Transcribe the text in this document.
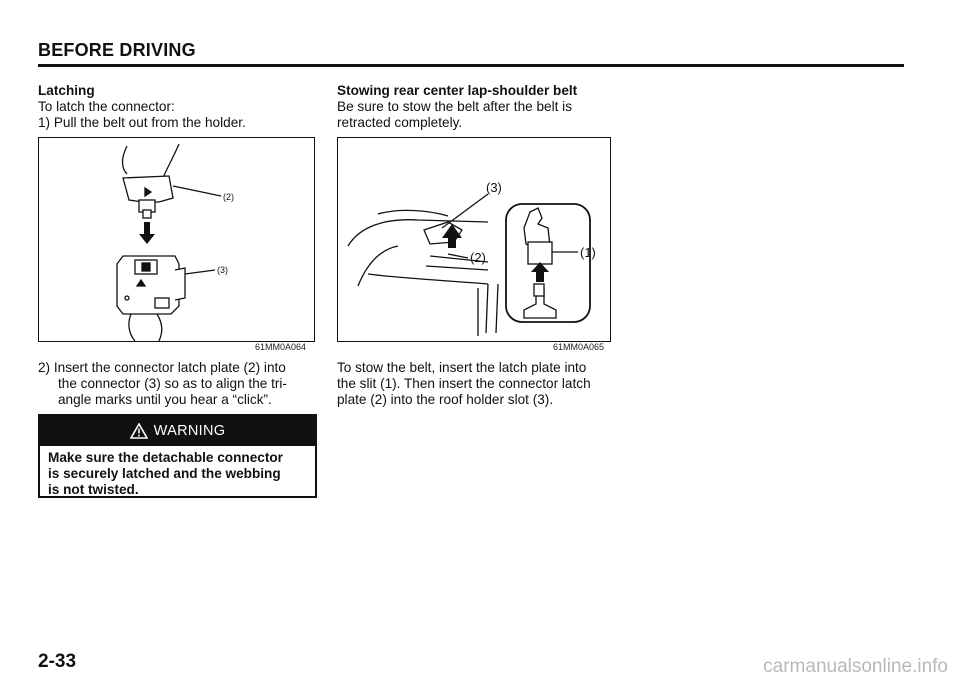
BEFORE DRIVING
Latching
To latch the connector:
1) Pull the belt out from the holder.
(2)
(3)
61MM0A064
2) Insert the connector latch plate (2) into
the connector (3) so as to align the tri-
angle marks until you hear a “click”.
WARNING
Make sure the detachable connector
is securely latched and the webbing
is not twisted.
Stowing rear center lap-shoulder belt
Be sure to stow the belt after the belt is
retracted completely.
(3)
(2)	(1)
61MM0A065
To stow the belt, insert the latch plate into
the slit (1). Then insert the connector latch
plate (2) into the roof holder slot (3).
2-33	carmanualsonline.info
